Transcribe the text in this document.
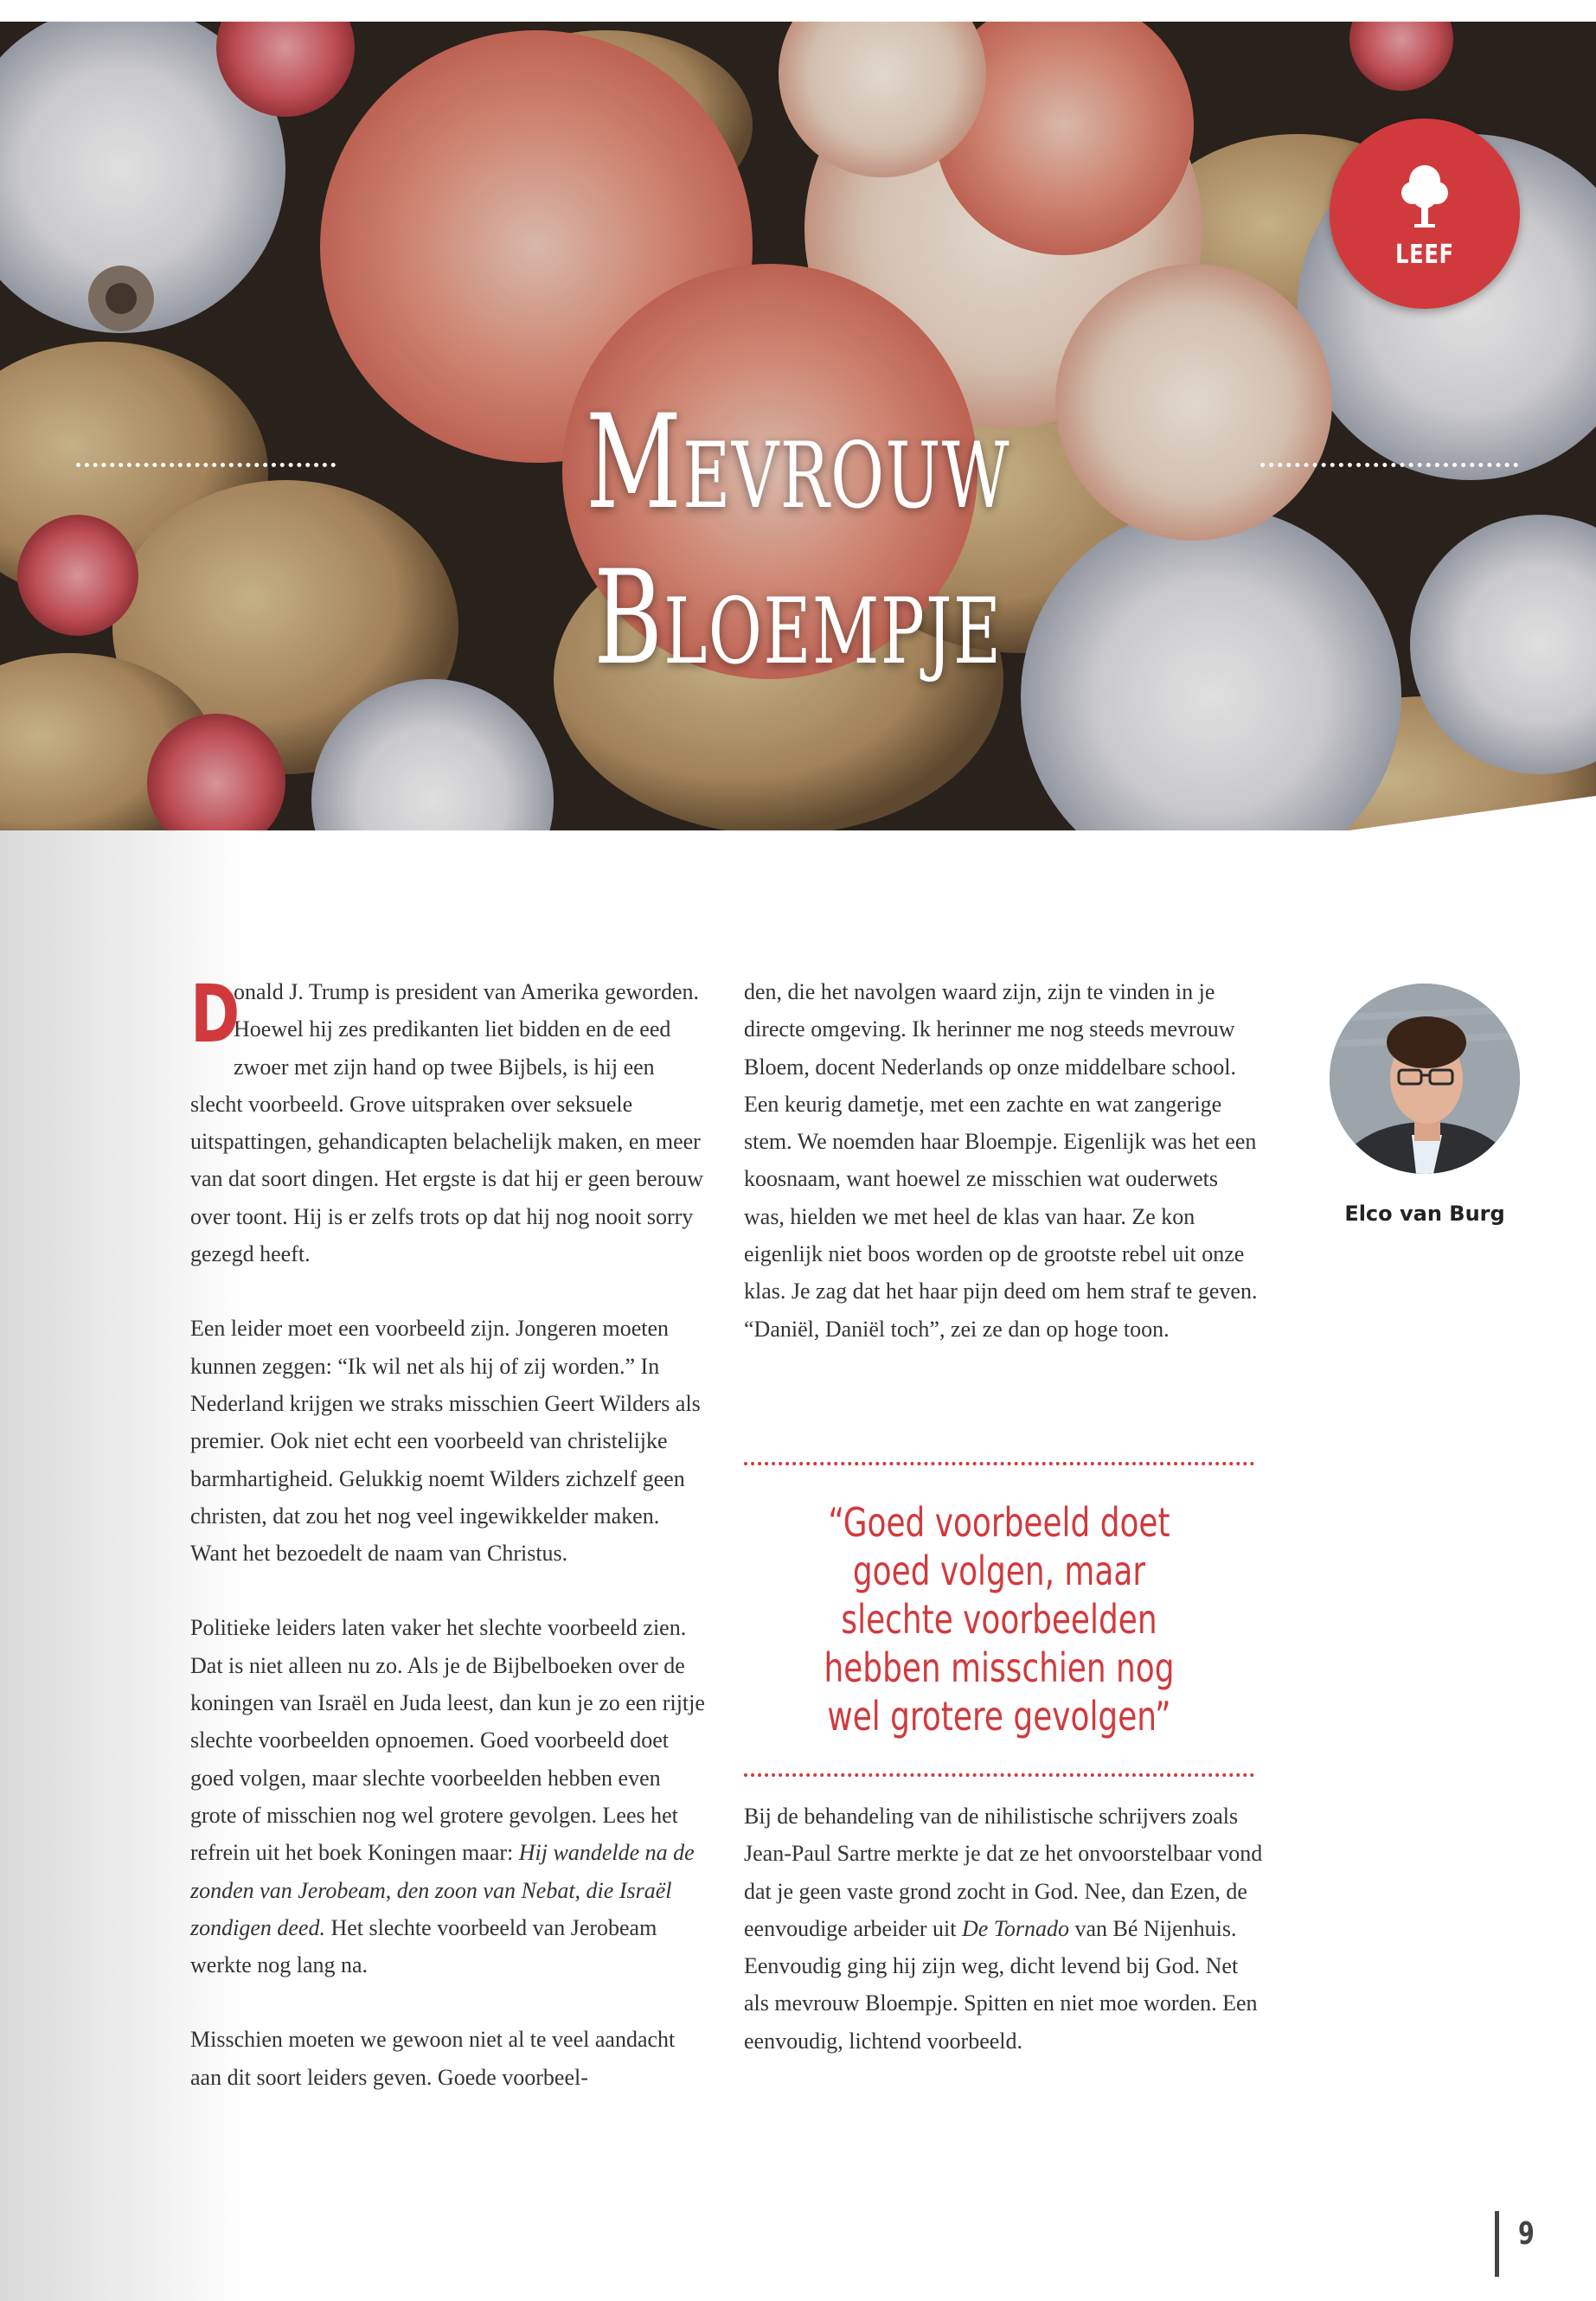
LEEF
Mevrouw Bloempje

D
onald J. Trump is president van Amerika geworden. Hoewel hij zes predikanten liet bidden en de eed zwoer met zijn hand op twee Bijbels, is hij een slecht voorbeeld. Grove uitspraken over seksuele uitspattingen, gehandicapten belachelijk maken, en meer van dat soort dingen. Het ergste is dat hij er geen berouw over toont. Hij is er zelfs trots op dat hij nog nooit sorry gezegd heeft.

Een leider moet een voorbeeld zijn. Jongeren moeten kunnen zeggen: “Ik wil net als hij of zij worden.” In Nederland krijgen we straks misschien Geert Wilders als premier. Ook niet echt een voorbeeld van christelijke barmhartigheid. Gelukkig noemt Wilders zichzelf geen christen, dat zou het nog veel ingewikkelder maken. Want het bezoedelt de naam van Christus.

Politieke leiders laten vaker het slechte voorbeeld zien. Dat is niet alleen nu zo. Als je de Bijbelboeken over de koningen van Israël en Juda leest, dan kun je zo een rijtje slechte voorbeelden opnoemen. Goed voorbeeld doet goed volgen, maar slechte voorbeelden hebben even grote of misschien nog wel grotere gevolgen. Lees het refrein uit het boek Koningen maar: Hij wandelde na de zonden van Jerobeam, den zoon van Nebat, die Israël zondigen deed. Het slechte voorbeeld van Jerobeam werkte nog lang na.

Misschien moeten we gewoon niet al te veel aandacht aan dit soort leiders geven. Goede voorbeel-

den, die het navolgen waard zijn, zijn te vinden in je directe omgeving. Ik herinner me nog steeds mevrouw Bloem, docent Nederlands op onze middelbare school. Een keurig dametje, met een zachte en wat zangerige stem. We noemden haar Bloempje. Eigenlijk was het een koosnaam, want hoewel ze misschien wat ouderwets was, hielden we met heel de klas van haar. Ze kon eigenlijk niet boos worden op de grootste rebel uit onze klas. Je zag dat het haar pijn deed om hem straf te geven. “Daniël, Daniël toch”, zei ze dan op hoge toon.

“Goed voorbeeld doet goed volgen, maar slechte voorbeelden hebben misschien nog wel grotere gevolgen”

Bij de behandeling van de nihilistische schrijvers zoals Jean-Paul Sartre merkte je dat ze het onvoorstelbaar vond dat je geen vaste grond zocht in God. Nee, dan Ezen, de eenvoudige arbeider uit De Tornado van Bé Nijenhuis. Eenvoudig ging hij zijn weg, dicht levend bij God. Net als mevrouw Bloempje. Spitten en niet moe worden. Een eenvoudig, lichtend voorbeeld.

Elco van Burg
9
